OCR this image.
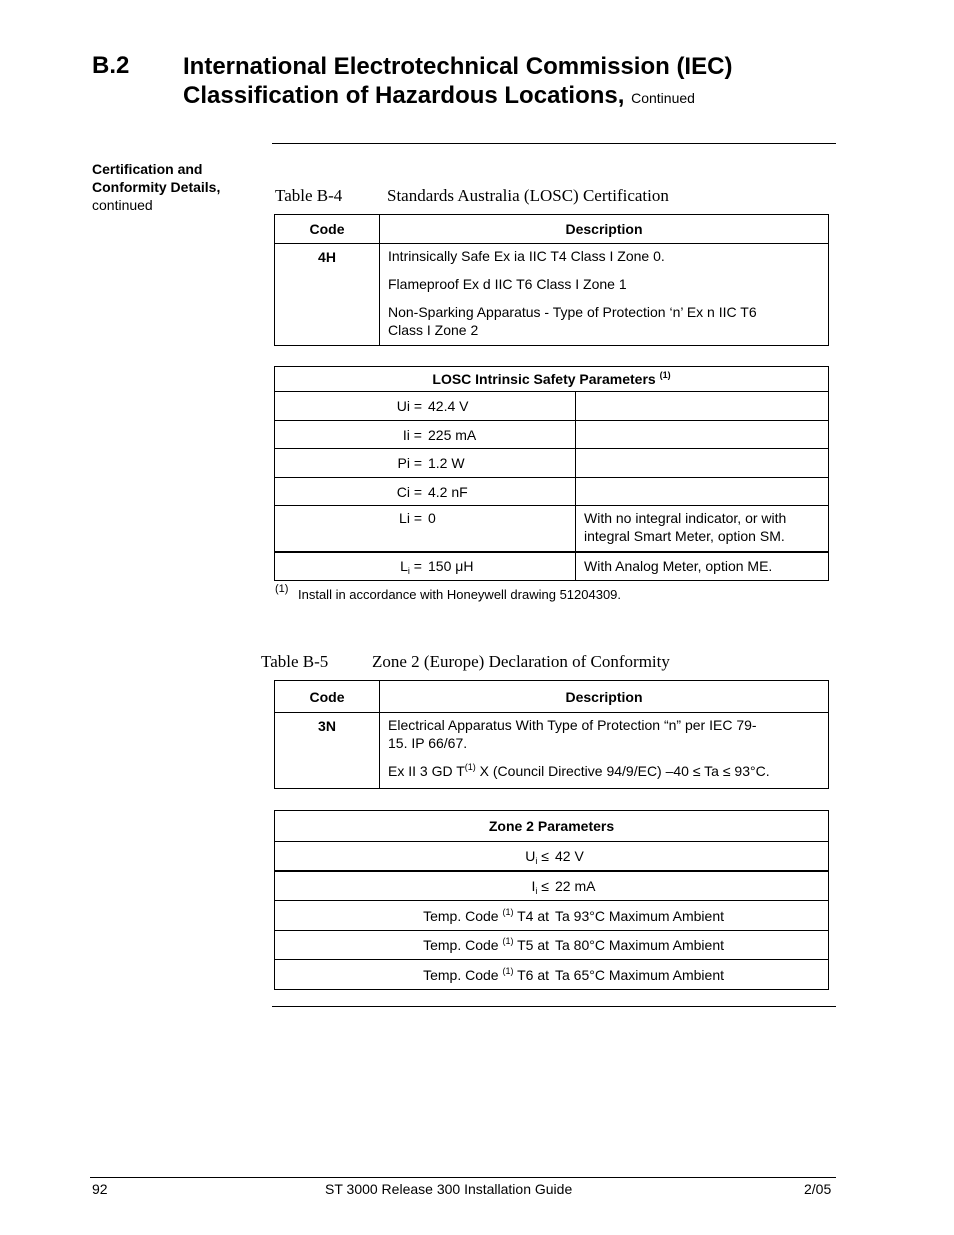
B.2 International Electrotechnical Commission (IEC)
Classification of Hazardous Locations, Continued
Certification and
Conformity Details,
continued	Table B-4	Standards Australia (LOSC) Certification
Code	Description
4H	Intrinsically Safe Ex ia IIC T4 Class I Zone 0.

Flameproof Ex d IIC T6 Class I Zone 1

Non-Sparking Apparatus - Type of Protection ‘n’ Ex n IIC T6

Class I Zone 2

LOSC Intrinsic Safety Parameters $^{(1)}$
Ui = 42.4 V	
Ii = 225 mA	
Pi = 1.2 W	
Ci = 4.2 nF	
Li = 0	With no integral indicator, or with

integral Smart Meter, option SM.

$L_i = 150$ μH	With Analog Meter, option ME.
(1) Install in accordance with Honeywell drawing 51204309.
Table B-5	Zone 2 (Europe) Declaration of Conformity
Code	Description
3N	Electrical Apparatus With Type of Protection “n” per IEC 79-

15. IP 66/67.

Ex II 3 GD $T^{(1)}$ X (Council Directive 94/9/EC) –40 ≤ Ta ≤ 93°C.

Zone 2 Parameters
$U_i \le 42$ V
$I_i \le 22$ mA
Temp. Code $^{(1)}$ T4 at Ta 93°C Maximum Ambient
Temp. Code $^{(1)}$ T5 at Ta 80°C Maximum Ambient
Temp. Code $^{(1)}$ T6 at Ta 65°C Maximum Ambient
92	ST 3000 Release 300 Installation Guide	2/05
